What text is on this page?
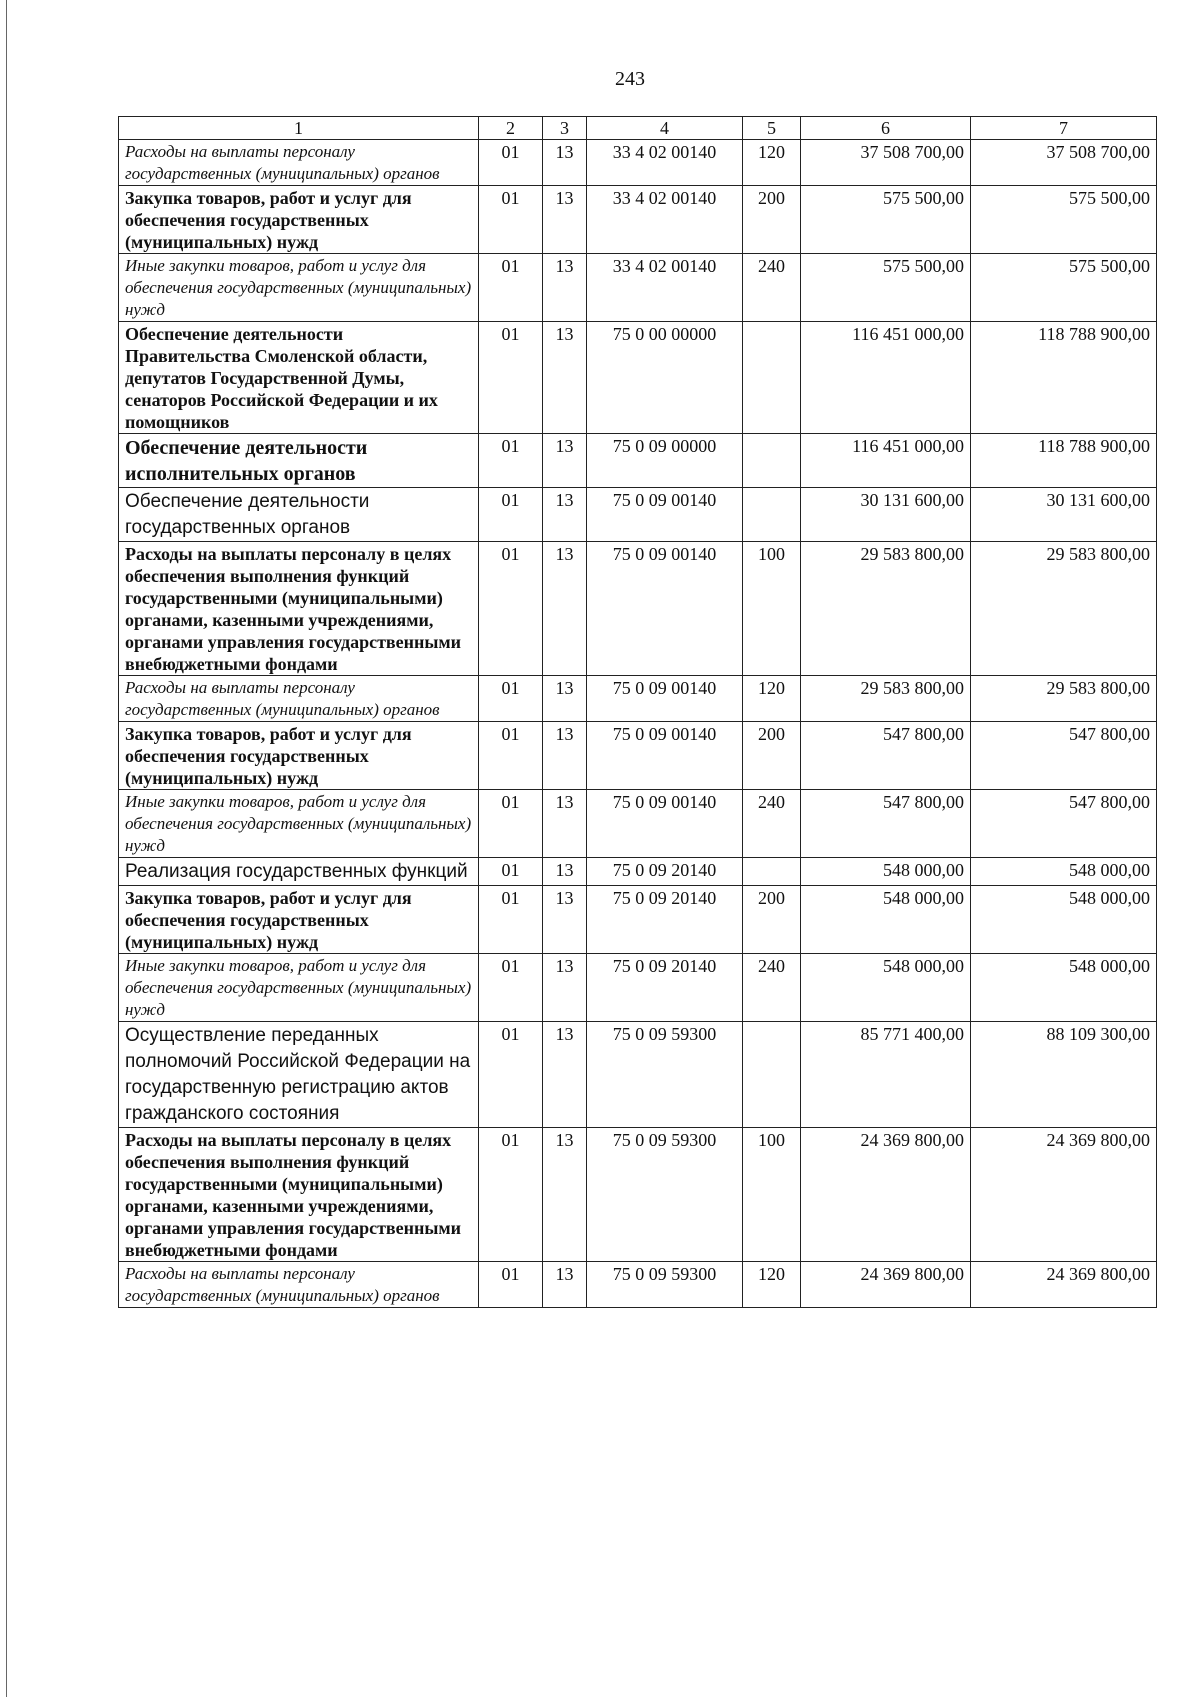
243
1	2	3	4	5	6	7
Расходы на выплаты персоналу государственных (муниципальных) органов	01	13	33 4 02 00140	120	37 508 700,00	37 508 700,00
Закупка товаров, работ и услуг для обеспечения государственных (муниципальных) нужд	01	13	33 4 02 00140	200	575 500,00	575 500,00
Иные закупки товаров, работ и услуг для обеспечения государственных (муниципальных) нужд	01	13	33 4 02 00140	240	575 500,00	575 500,00
Обеспечение деятельности Правительства Смоленской области, депутатов Государственной Думы, сенаторов Российской Федерации и их помощников	01	13	75 0 00 00000		116 451 000,00	118 788 900,00
Обеспечение деятельности исполнительных органов	01	13	75 0 09 00000		116 451 000,00	118 788 900,00
Обеспечение деятельности государственных органов	01	13	75 0 09 00140		30 131 600,00	30 131 600,00
Расходы на выплаты персоналу в целях обеспечения выполнения функций государственными (муниципальными) органами, казенными учреждениями, органами управления государственными внебюджетными фондами	01	13	75 0 09 00140	100	29 583 800,00	29 583 800,00
Расходы на выплаты персоналу государственных (муниципальных) органов	01	13	75 0 09 00140	120	29 583 800,00	29 583 800,00
Закупка товаров, работ и услуг для обеспечения государственных (муниципальных) нужд	01	13	75 0 09 00140	200	547 800,00	547 800,00
Иные закупки товаров, работ и услуг для обеспечения государственных (муниципальных) нужд	01	13	75 0 09 00140	240	547 800,00	547 800,00
Реализация государственных функций	01	13	75 0 09 20140		548 000,00	548 000,00
Закупка товаров, работ и услуг для обеспечения государственных (муниципальных) нужд	01	13	75 0 09 20140	200	548 000,00	548 000,00
Иные закупки товаров, работ и услуг для обеспечения государственных (муниципальных) нужд	01	13	75 0 09 20140	240	548 000,00	548 000,00
Осуществление переданных полномочий Российской Федерации на государственную регистрацию актов гражданского состояния	01	13	75 0 09 59300		85 771 400,00	88 109 300,00
Расходы на выплаты персоналу в целях обеспечения выполнения функций государственными (муниципальными) органами, казенными учреждениями, органами управления государственными внебюджетными фондами	01	13	75 0 09 59300	100	24 369 800,00	24 369 800,00
Расходы на выплаты персоналу государственных (муниципальных) органов	01	13	75 0 09 59300	120	24 369 800,00	24 369 800,00
